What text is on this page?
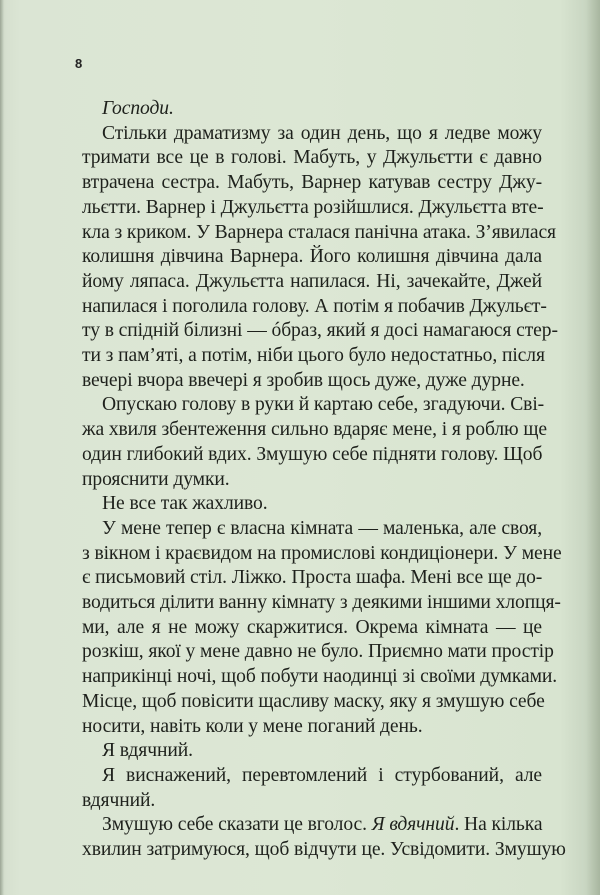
8

Господи.

Стільки драматизму за один день, що я ледве можу
тримати все це в голові. Мабуть, у Джульєтти є давно
втрачена сестра. Мабуть, Варнер катував сестру Джу-
льєтти. Варнер і Джульєтта розійшлися. Джульєтта вте-
кла з криком. У Варнера сталася панічна атака. З’явилася
колишня дівчина Варнера. Його колишня дівчина дала
йому ляпаса. Джульєтта напилася. Ні, зачекайте, Джей
напилася і поголила голову. А потім я побачив Джульєт-
ту в спідній білизні — óбраз, який я досі намагаюся стер-
ти з пам’яті, а потім, ніби цього було недостатньо, після
вечері вчора ввечері я зробив щось дуже, дуже дурне.

Опускаю голову в руки й картаю себе, згадуючи. Сві-
жа хвиля збентеження сильно вдаряє мене, і я роблю ще
один глибокий вдих. Змушую себе підняти голову. Щоб
прояснити думки.

Не все так жахливо.

У мене тепер є власна кімната — маленька, але своя,
з вікном і краєвидом на промислові кондиціонери. У мене
є письмовий стіл. Ліжко. Проста шафа. Мені все ще до-
водиться ділити ванну кімнату з деякими іншими хлопця-
ми, але я не можу скаржитися. Окрема кімната — це
розкіш, якої у мене давно не було. Приємно мати простір
наприкінці ночі, щоб побути наодинці зі своїми думками.
Місце, щоб повісити щасливу маску, яку я змушую себе
носити, навіть коли у мене поганий день.

Я вдячний.

Я виснажений, перевтомлений і стурбований, але
вдячний.

Змушую себе сказати це вголос. Я вдячний. На кілька
хвилин затримуюся, щоб відчути це. Усвідомити. Змушую
